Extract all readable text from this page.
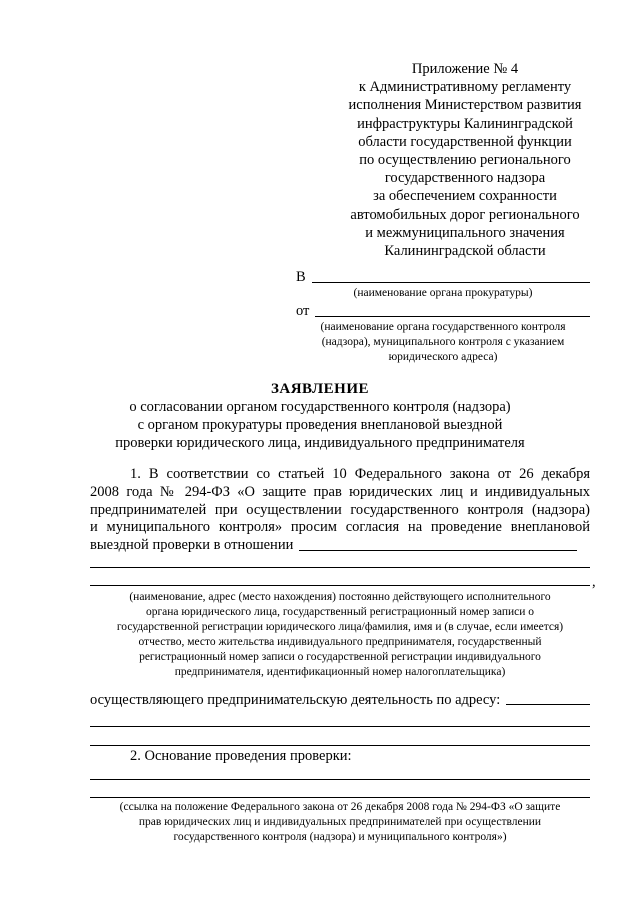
Приложение № 4
к Административному регламенту
исполнения Министерством развития
инфраструктуры Калининградской
области государственной функции
по осуществлению регионального
государственного надзора
за обеспечением сохранности
автомобильных дорог регионального
и межмуниципального значения
Калининградской области
В
(наименование органа прокуратуры)
от
(наименование органа государственного контроля
(надзора), муниципального контроля с указанием
юридического адреса)
ЗАЯВЛЕНИЕ
о согласовании органом государственного контроля (надзора)
с органом прокуратуры проведения внеплановой выездной
проверки юридического лица, индивидуального предпринимателя
1. В соответствии со статьей 10 Федерального закона от 26 декабря
2008 года № 294-ФЗ «О защите прав юридических лиц и индивидуальных
предпринимателей при осуществлении государственного контроля (надзора)
и муниципального контроля» просим согласия на проведение внеплановой
выездной проверки в отношении
,
(наименование, адрес (место нахождения) постоянно действующего исполнительного
органа юридического лица, государственный регистрационный номер записи о
государственной регистрации юридического лица/фамилия, имя и (в случае, если имеется)
отчество, место жительства индивидуального предпринимателя, государственный
регистрационный номер записи о государственной регистрации индивидуального
предпринимателя, идентификационный номер налогоплательщика)
осуществляющего предпринимательскую деятельность по адресу:
2. Основание проведения проверки:
(ссылка на положение Федерального закона от 26 декабря 2008 года № 294-ФЗ «О защите
прав юридических лиц и индивидуальных предпринимателей при осуществлении
государственного контроля (надзора) и муниципального контроля»)
